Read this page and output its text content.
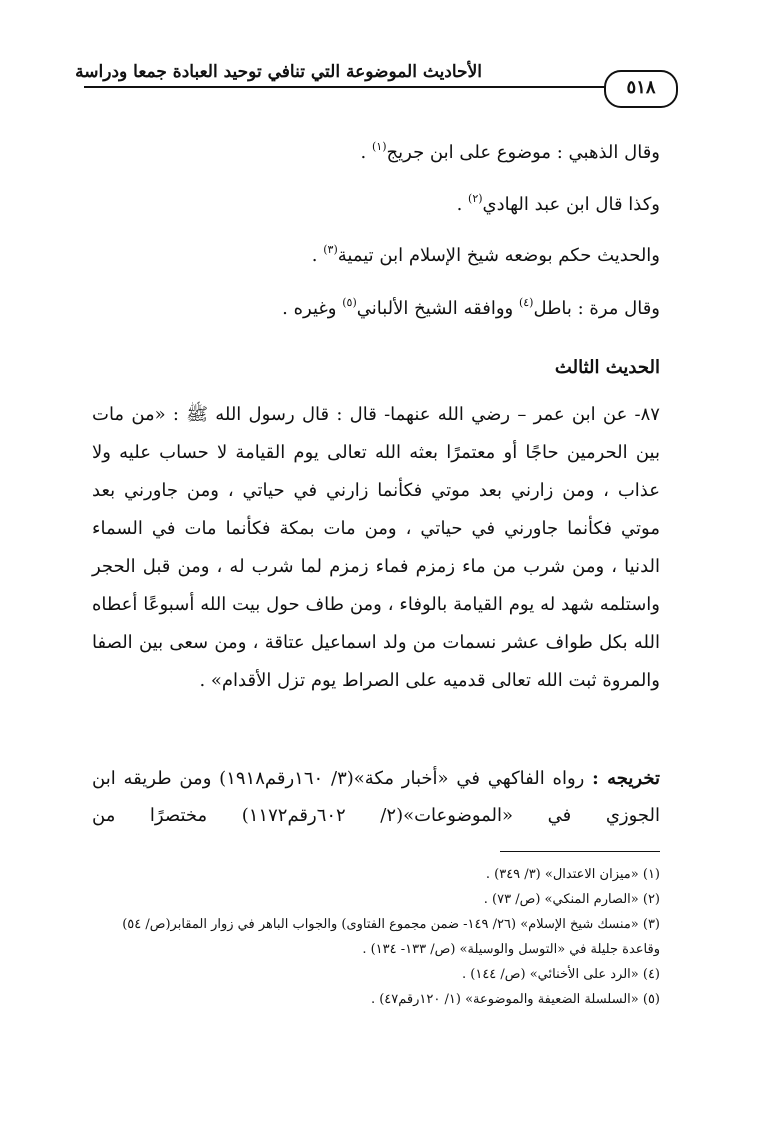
الأحاديث الموضوعة التي تنافي توحيد العبادة جمعا ودراسة
٥١٨
وقال الذهبي : موضوع على ابن جريج$^{(١)}$ .
وكذا قال ابن عبد الهادي$^{(٢)}$ .
والحديث حكم بوضعه شيخ الإسلام ابن تيمية$^{(٣)}$ .
وقال مرة : باطل$^{(٤)}$ ووافقه الشيخ الألباني$^{(٥)}$ وغيره .
الحديث الثالث
٨٧- عن ابن عمر – رضي الله عنهما- قال : قال رسول الله ﷺ : «من مات بين الحرمين حاجًا أو معتمرًا بعثه الله تعالى يوم القيامة لا حساب عليه ولا عذاب ، ومن زارني بعد موتي فكأنما زارني في حياتي ، ومن جاورني بعد موتي فكأنما جاورني في حياتي ، ومن مات بمكة فكأنما مات في السماء الدنيا ، ومن شرب من ماء زمزم فماء زمزم لما شرب له ، ومن قبل الحجر واستلمه شهد له يوم القيامة بالوفاء ، ومن طاف حول بيت الله أسبوعًا أعطاه الله بكل طواف عشر نسمات من ولد اسماعيل عتاقة ، ومن سعى بين الصفا والمروة ثبت الله تعالى قدميه على الصراط يوم تزل الأقدام» .
تخريجه : رواه الفاكهي في «أخبار مكة»(٣/ ١٦٠رقم١٩١٨) ومن طريقه ابن الجوزي في «الموضوعات»(٢/ ٦٠٢رقم١١٧٢) مختصرًا من
(١) «ميزان الاعتدال» (٣/ ٣٤٩) .
(٢) «الصارم المنكي» (ص/ ٧٣) .
(٣) «منسك شيخ الإسلام» (٢٦/ ١٤٩- ضمن مجموع الفتاوى) والجواب الباهر في زوار المقابر(ص/ ٥٤) وقاعدة جليلة في «التوسل والوسيلة» (ص/ ١٣٣- ١٣٤) .
(٤) «الرد على الأخنائي» (ص/ ١٤٤) .
(٥) «السلسلة الضعيفة والموضوعة» (١/ ١٢٠رقم٤٧) .
